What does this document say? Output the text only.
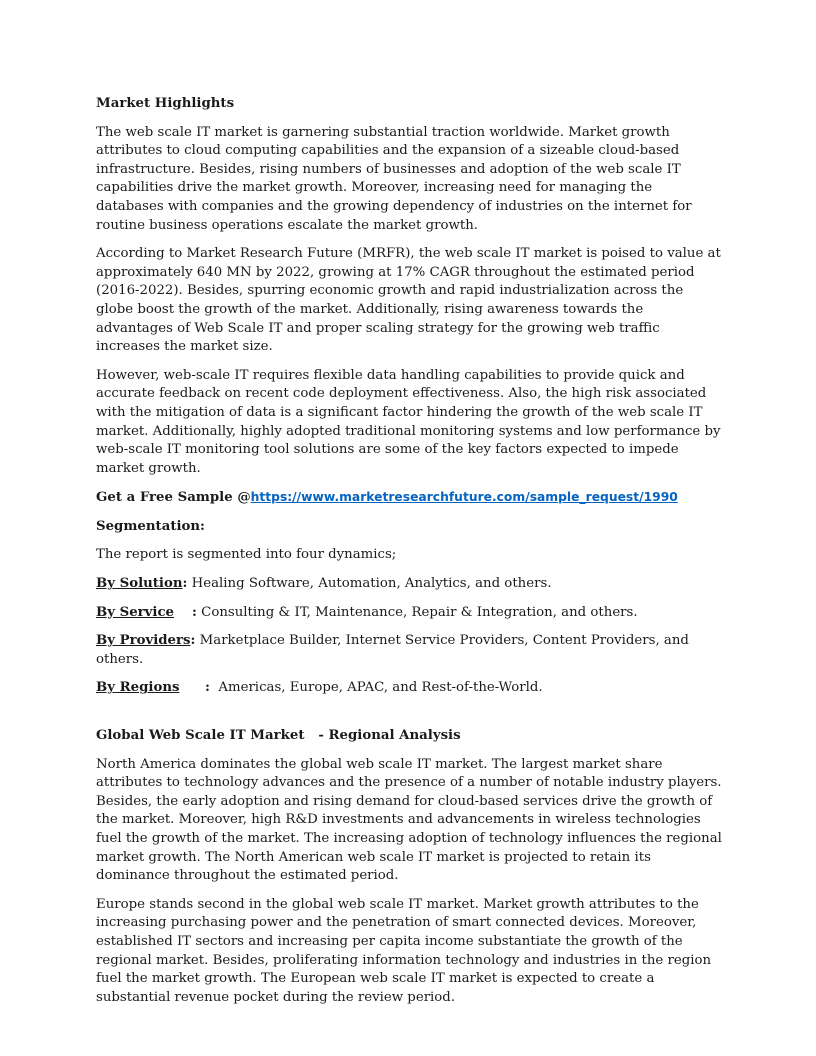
Market Highlights

The web scale IT market is garnering substantial traction worldwide. Market growth attributes to cloud computing capabilities and the expansion of a sizeable cloud-based infrastructure. Besides, rising numbers of businesses and adoption of the web scale IT capabilities drive the market growth. Moreover, increasing need for managing the databases with companies and the growing dependency of industries on the internet for routine business operations escalate the market growth.

According to Market Research Future (MRFR), the web scale IT market is poised to value at approximately 640 MN by 2022, growing at 17% CAGR throughout the estimated period (2016-2022). Besides, spurring economic growth and rapid industrialization across the globe boost the growth of the market. Additionally, rising awareness towards the advantages of Web Scale IT and proper scaling strategy for the growing web traffic increases the market size.

However, web-scale IT requires flexible data handling capabilities to provide quick and accurate feedback on recent code deployment effectiveness. Also, the high risk associated with the mitigation of data is a significant factor hindering the growth of the web scale IT market. Additionally, highly adopted traditional monitoring systems and low performance by web-scale IT monitoring tool solutions are some of the key factors expected to impede market growth.

Get a Free Sample @https://www.marketresearchfuture.com/sample_request/1990

Segmentation:

The report is segmented into four dynamics;

By Solution: Healing Software, Automation, Analytics, and others.

By Service : Consulting & IT, Maintenance, Repair & Integration, and others.

By Providers: Marketplace Builder, Internet Service Providers, Content Providers, and others.

By Regions :  Americas, Europe, APAC, and Rest-of-the-World.

Global Web Scale IT Market   - Regional Analysis

North America dominates the global web scale IT market. The largest market share attributes to technology advances and the presence of a number of notable industry players. Besides, the early adoption and rising demand for cloud-based services drive the growth of the market. Moreover, high R&D investments and advancements in wireless technologies fuel the growth of the market. The increasing adoption of technology influences the regional market growth. The North American web scale IT market is projected to retain its dominance throughout the estimated period.

Europe stands second in the global web scale IT market. Market growth attributes to the increasing purchasing power and the penetration of smart connected devices. Moreover, established IT sectors and increasing per capita income substantiate the growth of the regional market. Besides, proliferating information technology and industries in the region fuel the market growth. The European web scale IT market is expected to create a substantial revenue pocket during the review period.
